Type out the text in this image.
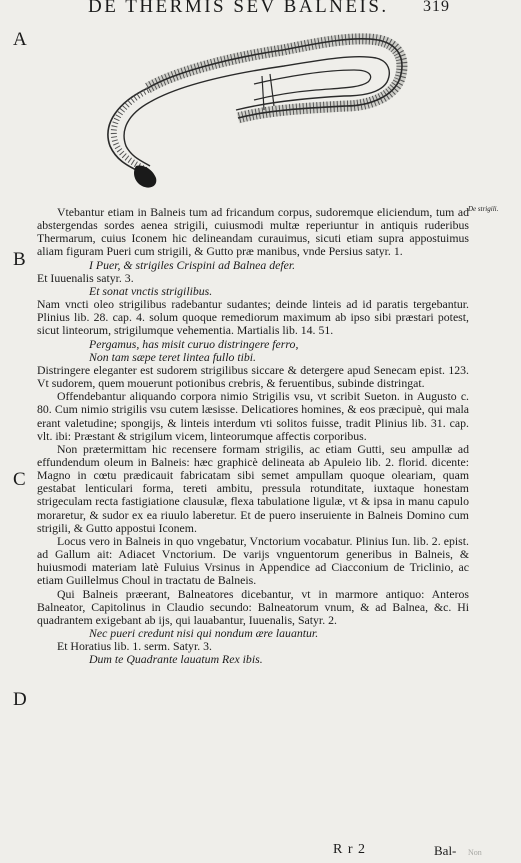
DE THERMIS SEV BALNEIS. 319
A
B
C
D
De strigili.

Vtebantur etiam in Balneis tum ad fricandum corpus, sudoremque eliciendum, tum ad abstergendas sordes aenea strigili, cuiusmodi multæ reperiuntur in antiquis ruderibus Thermarum, cuius Iconem hic delineandam curauimus, sicuti etiam supra appostuimus aliam figuram Pueri cum strigili, & Gutto præ manibus, vnde Persius satyr. 1.

I Puer, & strigiles Crispini ad Balnea defer.

Et Iuuenalis satyr. 3.

Et sonat vnctis strigilibus.

Nam vncti oleo strigilibus radebantur sudantes; deinde linteis ad id paratis tergebantur. Plinius lib. 28. cap. 4. solum quoque remediorum maximum ab ipso sibi præstari potest, sicut linteorum, strigilumque vehementia. Martialis lib. 14. 51.

Pergamus, has misit curuo distringere ferro,

Non tam sæpe teret lintea fullo tibi.

Distringere eleganter est sudorem strigilibus siccare & detergere apud Senecam epist. 123. Vt sudorem, quem mouerunt potionibus crebris, & feruentibus, subinde distringat.

Offendebantur aliquando corpora nimio Strigilis vsu, vt scribit Sueton. in Augusto c. 80. Cum nimio strigilis vsu cutem læsisse. Delicatiores homines, & eos præcipuè, qui mala erant valetudine; spongijs, & linteis interdum vti solitos fuisse, tradit Plinius lib. 31. cap. vlt. ibi: Præstant & strigilum vicem, linteorumque affectis corporibus.

Non prætermittam hic recensere formam strigilis, ac etiam Gutti, seu ampullæ ad effundendum oleum in Balneis: hæc graphicè delineata ab Apuleio lib. 2. florid. dicente: Magno in cœtu prædicauit fabricatam sibi semet ampullam quoque oleariam, quam gestabat lenticulari forma, tereti ambitu, pressula rotunditate, iuxtaque honestam strigeculam recta fastigiatione clausulæ, flexa tabulatione ligulæ, vt & ipsa in manu capulo moraretur, & sudor ex ea riuulo laberetur. Et de puero inseruiente in Balneis Domino cum strigili, & Gutto appostui Iconem.

Locus vero in Balneis in quo vngebatur, Vnctorium vocabatur. Plinius Iun. lib. 2. epist. ad Gallum ait: Adiacet Vnctorium. De varijs vnguentorum generibus in Balneis, & huiusmodi materiam latè Fuluius Vrsinus in Appendice ad Ciacconium de Triclinio, ac etiam Guillelmus Choul in tractatu de Balneis.

Qui Balneis præerant, Balneatores dicebantur, vt in marmore antiquo: Anteros Balneator, Capitolinus in Claudio secundo: Balneatorum vnum, & ad Balnea, &c. Hi quadrantem exigebant ab ijs, qui lauabantur, Iuuenalis, Satyr. 2.

Nec pueri credunt nisi qui nondum ære lauantur.

Et Horatius lib. 1. serm. Satyr. 3.

Dum te Quadrante lauatum Rex ibis.

R r 2	Bal- Non
